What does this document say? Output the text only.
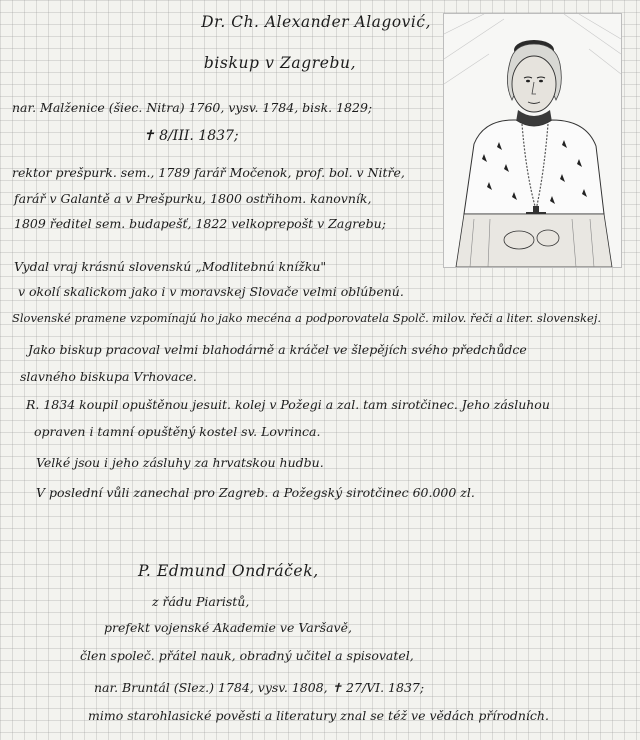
Dr. Ch. Alexander Alagović,
biskup v Zagrebu,
nar. Malženice (šiec. Nitra) 1760, vysv. 1784, bisk. 1829;
✝ 8/III. 1837;
rektor prešpurk. sem., 1789 farář Močenok, prof. bol. v Nitře,
farář v Galantě a v Prešpurku, 1800 ostřihom. kanovník,
1809 ředitel sem. budapešť, 1822 velkoprepošt v Zagrebu;
Vydal vraj krásnú slovenskú „Modlitebnú knížku"
v okolí skalickom jako i v moravskej Slovače velmi oblúbenú.
Slovenské pramene vzpomínajú ho jako mecéna a podporovatela Spolč. milov. řeči a liter. slovenskej.
Jako biskup pracoval velmi blahodárně a kráčel ve šlepějích svého předchůdce
slavného biskupa Vrhovace.
R. 1834 koupil opuštěnou jesuit. kolej v Požegi a zal. tam sirotčinec. Jeho zásluhou
opraven i tamní opuštěný kostel sv. Lovrinca.
Velké jsou i jeho zásluhy za hrvatskou hudbu.
V poslední vůli zanechal pro Zagreb. a Požegský sirotčinec 60.000 zl.
P. Edmund Ondráček,
z řádu Piaristů,
prefekt vojenské Akademie ve Varšavě,
člen společ. přátel nauk, obradný učitel a spisovatel,
nar. Bruntál (Slez.) 1784, vysv. 1808, ✝ 27/VI. 1837;
mimo starohlasické pověsti a literatury znal se též ve vědách přírodních.
